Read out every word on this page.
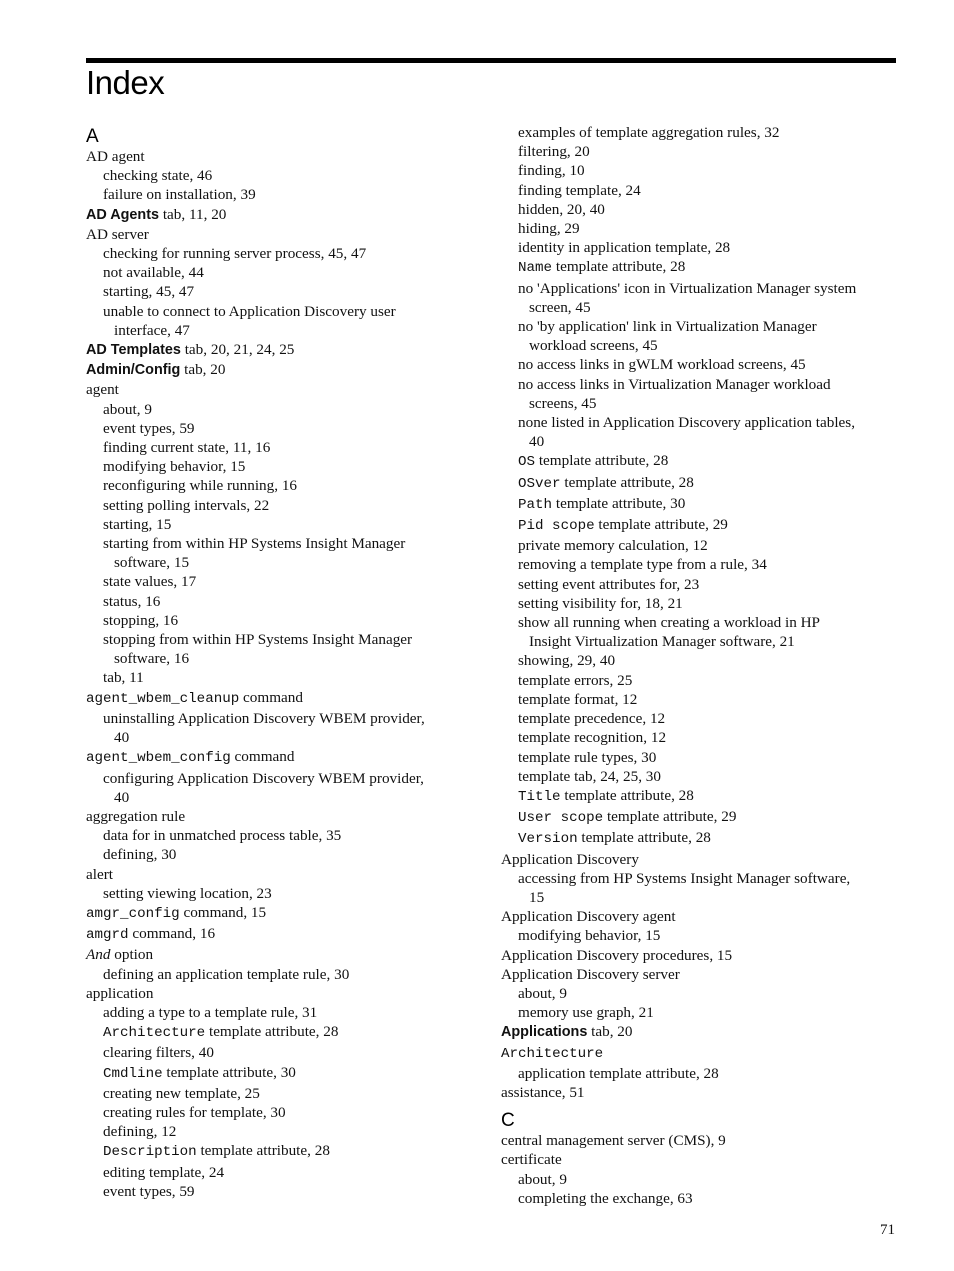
Index
A
AD agent
checking state, 46
failure on installation, 39
AD Agents tab, 11, 20
AD server
checking for running server process, 45, 47
not available, 44
starting, 45, 47
unable to connect to Application Discovery user
interface, 47
AD Templates tab, 20, 21, 24, 25
Admin/Config tab, 20
agent
about, 9
event types, 59
finding current state, 11, 16
modifying behavior, 15
reconfiguring while running, 16
setting polling intervals, 22
starting, 15
starting from within HP Systems Insight Manager
software, 15
state values, 17
status, 16
stopping, 16
stopping from within HP Systems Insight Manager
software, 16
tab, 11
agent_wbem_cleanup command
uninstalling Application Discovery WBEM provider,
40
agent_wbem_config command
configuring Application Discovery WBEM provider,
40
aggregation rule
data for in unmatched process table, 35
defining, 30
alert
setting viewing location, 23
amgr_config command, 15
amgrd command, 16
And option
defining an application template rule, 30
application
adding a type to a template rule, 31
Architecture template attribute, 28
clearing filters, 40
Cmdline template attribute, 30
creating new template, 25
creating rules for template, 30
defining, 12
Description template attribute, 28
editing template, 24
event types, 59
examples of template aggregation rules, 32
filtering, 20
finding, 10
finding template, 24
hidden, 20, 40
hiding, 29
identity in application template, 28
Name template attribute, 28
no 'Applications' icon in Virtualization Manager system
screen, 45
no 'by application' link in Virtualization Manager
workload screens, 45
no access links in gWLM workload screens, 45
no access links in Virtualization Manager workload
screens, 45
none listed in Application Discovery application tables,
40
OS template attribute, 28
OSver template attribute, 28
Path template attribute, 30
Pid scope template attribute, 29
private memory calculation, 12
removing a template type from a rule, 34
setting event attributes for, 23
setting visibility for, 18, 21
show all running when creating a workload in HP
Insight Virtualization Manager software, 21
showing, 29, 40
template errors, 25
template format, 12
template precedence, 12
template recognition, 12
template rule types, 30
template tab, 24, 25, 30
Title template attribute, 28
User scope template attribute, 29
Version template attribute, 28
Application Discovery
accessing from HP Systems Insight Manager software,
15
Application Discovery agent
modifying behavior, 15
Application Discovery procedures, 15
Application Discovery server
about, 9
memory use graph, 21
Applications tab, 20
Architecture
application template attribute, 28
assistance, 51
C
central management server (CMS), 9
certificate
about, 9
completing the exchange, 63
71
